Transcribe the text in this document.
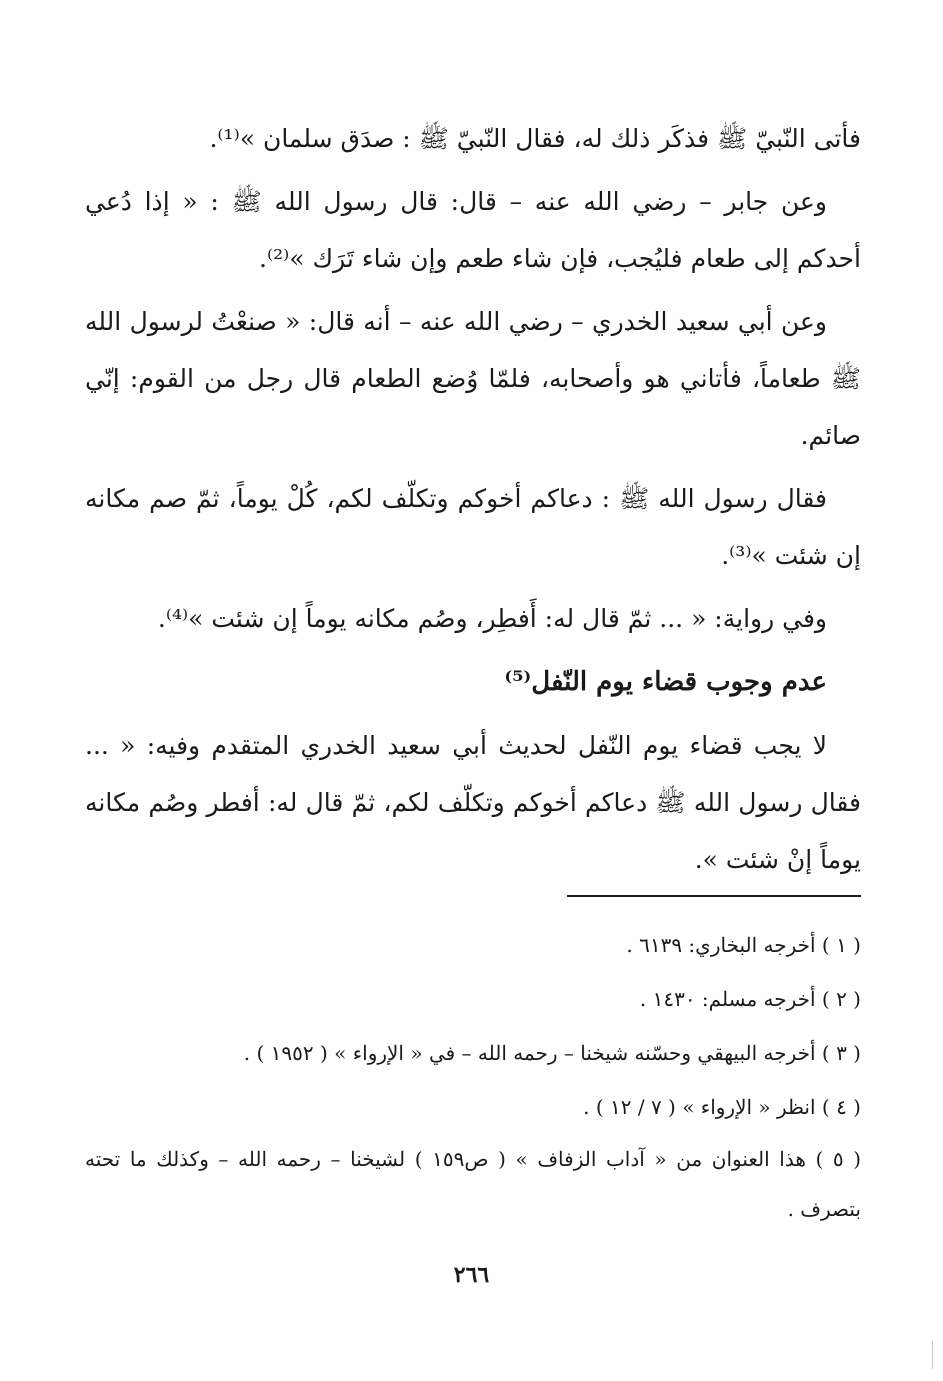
فأتى النّبيّ ﷺ فذكَر ذلك له، فقال النّبيّ ﷺ : صدَق سلمان »⁽¹⁾.

وعن جابر – رضي الله عنه – قال: قال رسول الله ﷺ : « إذا دُعي أحدكم إلى طعام فليُجب، فإن شاء طعم وإن شاء تَرَك »⁽²⁾.

وعن أبي سعيد الخدري – رضي الله عنه – أنه قال: « صنعْتُ لرسول الله ﷺ طعاماً، فأتاني هو وأصحابه، فلمّا وُضع الطعام قال رجل من القوم: إنّي صائم.

فقال رسول الله ﷺ : دعاكم أخوكم وتكلّف لكم، كُلْ يوماً، ثمّ صم مكانه إن شئت »⁽³⁾.

وفي رواية: « ... ثمّ قال له: أَفطِر، وصُم مكانه يوماً إن شئت »⁽⁴⁾.

عدم وجوب قضاء يوم النّفل⁽⁵⁾

لا يجب قضاء يوم النّفل لحديث أبي سعيد الخدري المتقدم وفيه: « ... فقال رسول الله ﷺ دعاكم أخوكم وتكلّف لكم، ثمّ قال له: أفطر وصُم مكانه يوماً إنْ شئت ».

( ١ ) أخرجه البخاري: ٦١٣٩ .

( ٢ ) أخرجه مسلم: ١٤٣٠ .

( ٣ ) أخرجه البيهقي وحسّنه شيخنا – رحمه الله – في « الإرواء » ( ١٩٥٢ ) .

( ٤ ) انظر « الإرواء » ( ٧ / ١٢ ) .

( ٥ ) هذا العنوان من « آداب الزفاف » ( ص١٥٩ ) لشيخنا – رحمه الله – وكذلك ما تحته بتصرف .

٢٦٦
